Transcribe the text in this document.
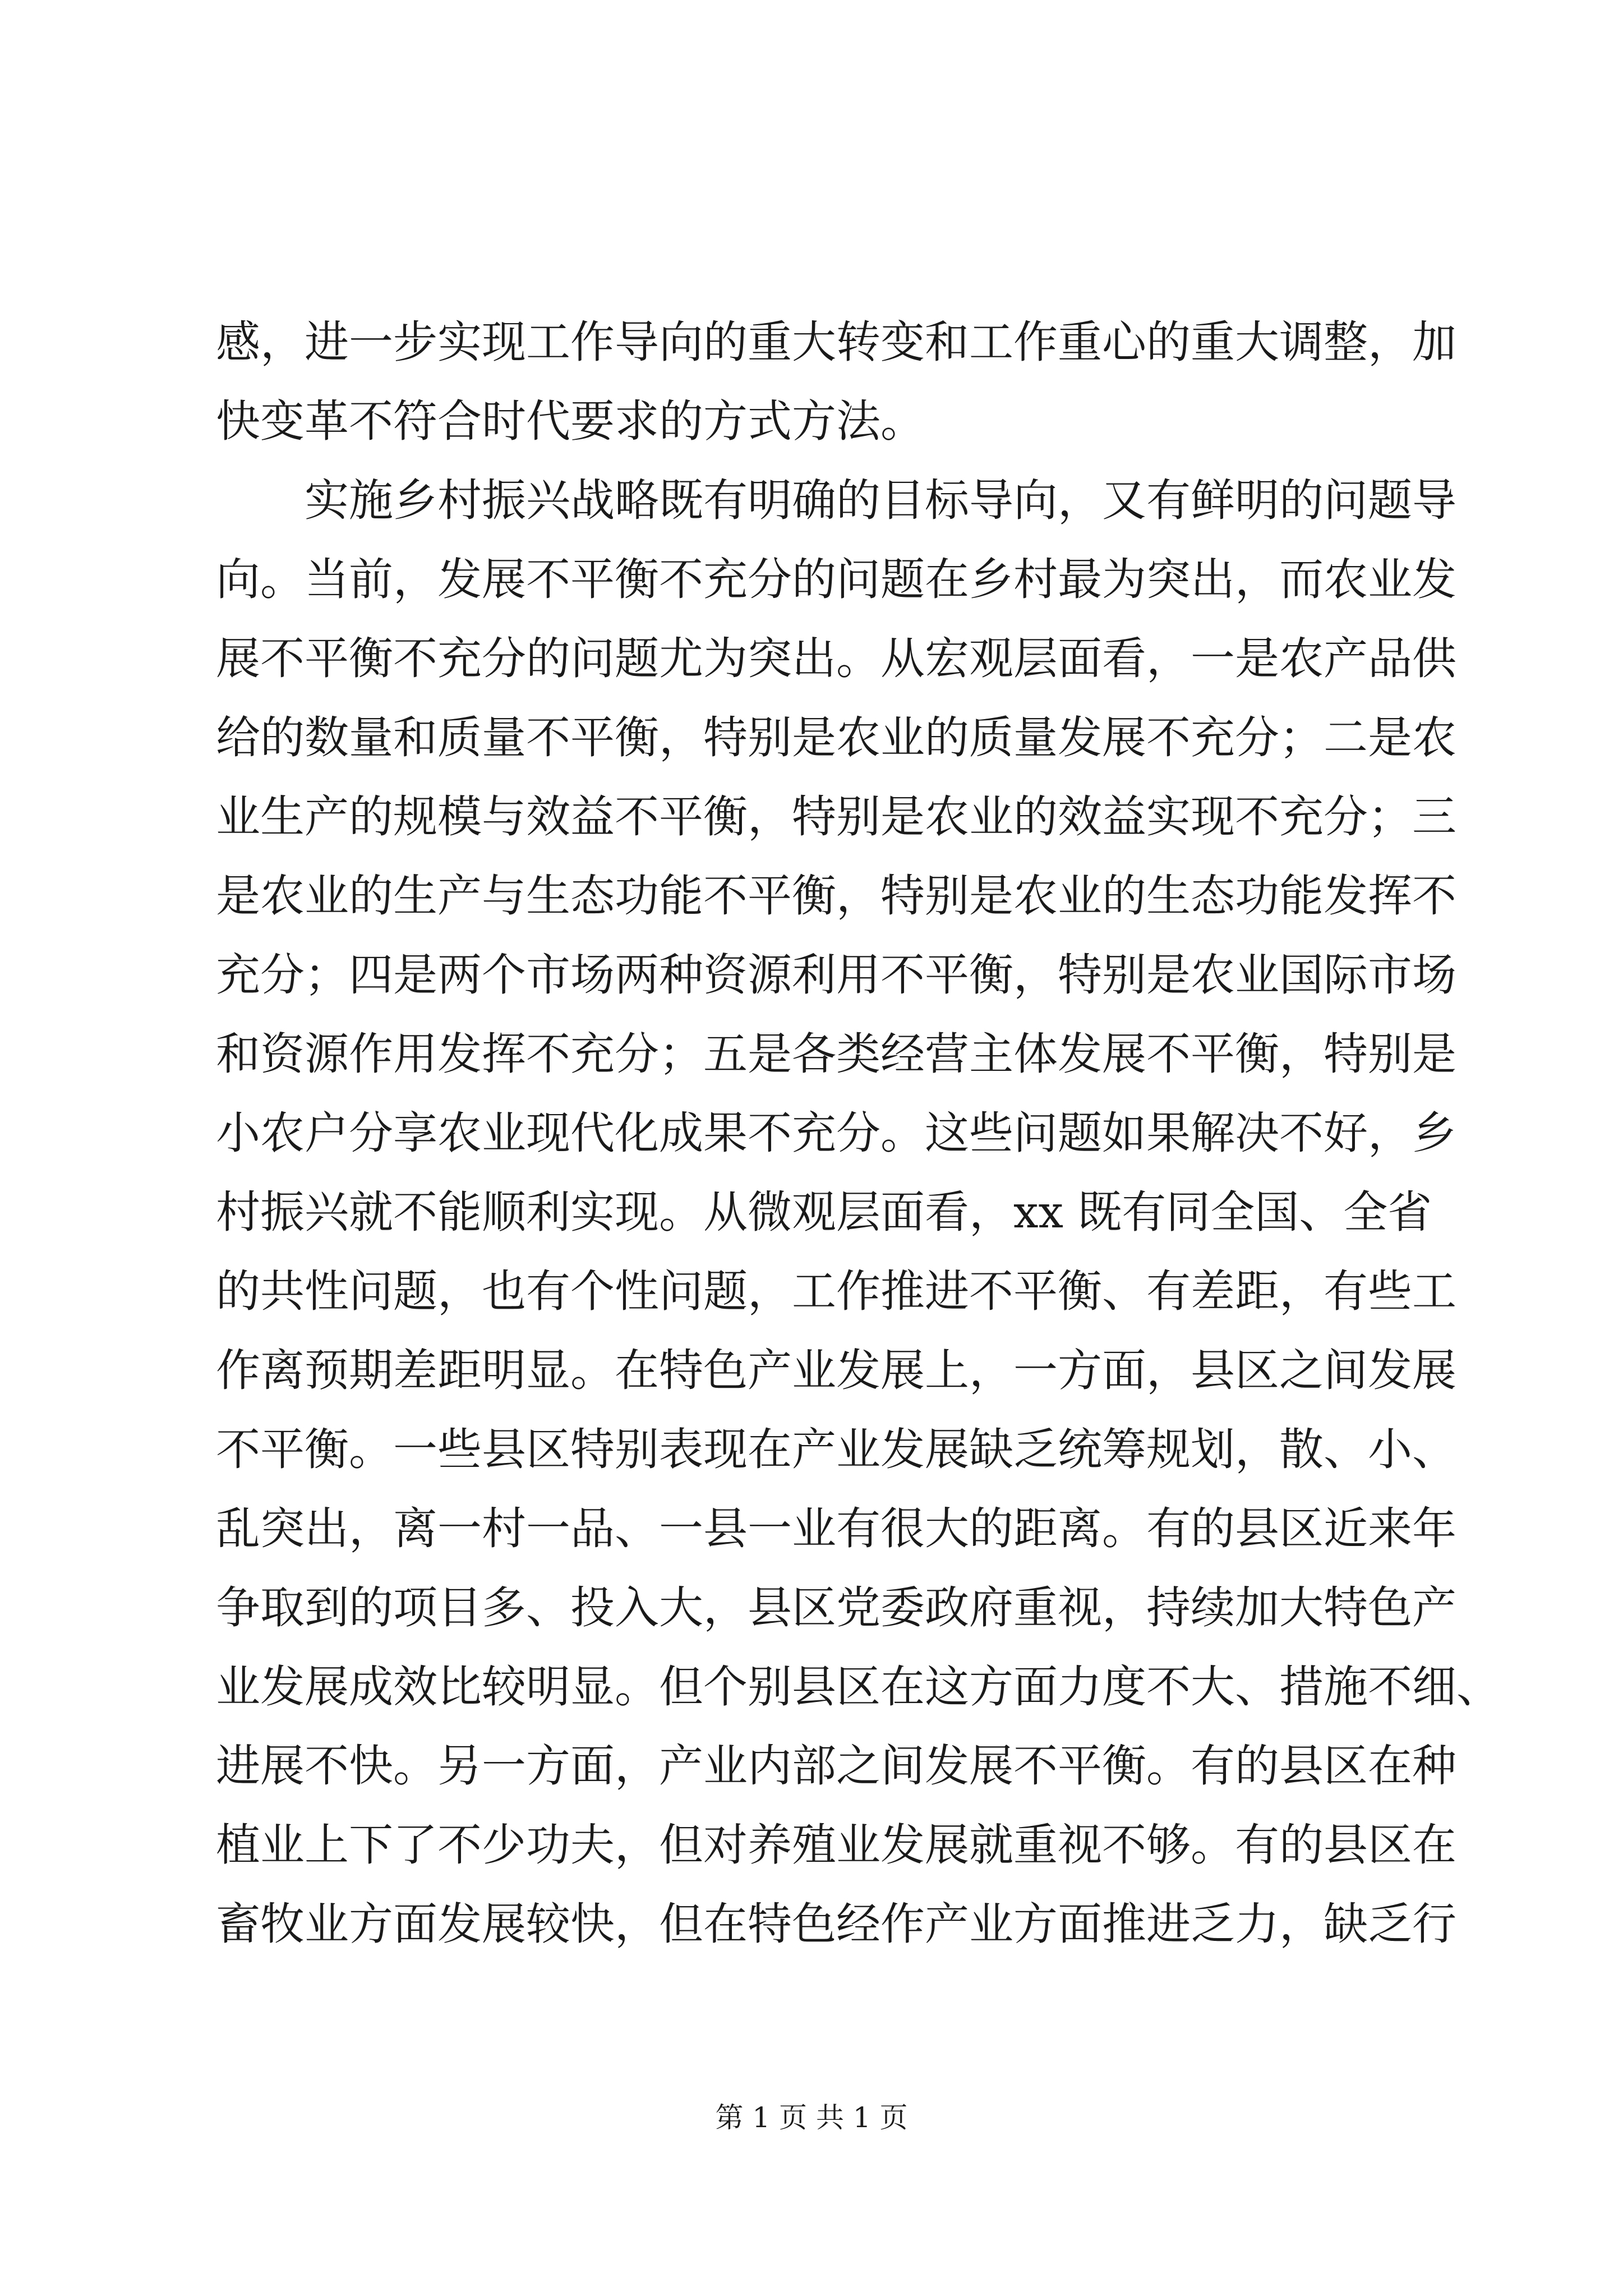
感，进一步实现工作导向的重大转变和工作重心的重大调整，加
快变革不符合时代要求的方式方法。
实施乡村振兴战略既有明确的目标导向，又有鲜明的问题导
向。当前，发展不平衡不充分的问题在乡村最为突出，而农业发
展不平衡不充分的问题尤为突出。从宏观层面看，一是农产品供
给的数量和质量不平衡，特别是农业的质量发展不充分；二是农
业生产的规模与效益不平衡，特别是农业的效益实现不充分；三
是农业的生产与生态功能不平衡，特别是农业的生态功能发挥不
充分；四是两个市场两种资源利用不平衡，特别是农业国际市场
和资源作用发挥不充分；五是各类经营主体发展不平衡，特别是
小农户分享农业现代化成果不充分。这些问题如果解决不好，乡
村振兴就不能顺利实现。从微观层面看，xx 既有同全国、全省
的共性问题，也有个性问题，工作推进不平衡、有差距，有些工
作离预期差距明显。在特色产业发展上，一方面，县区之间发展
不平衡。一些县区特别表现在产业发展缺乏统筹规划，散、小、
乱突出，离一村一品、一县一业有很大的距离。有的县区近来年
争取到的项目多、投入大，县区党委政府重视，持续加大特色产
业发展成效比较明显。但个别县区在这方面力度不大、措施不细、
进展不快。另一方面，产业内部之间发展不平衡。有的县区在种
植业上下了不少功夫，但对养殖业发展就重视不够。有的县区在
畜牧业方面发展较快，但在特色经作产业方面推进乏力，缺乏行
第 1 页 共 1 页
